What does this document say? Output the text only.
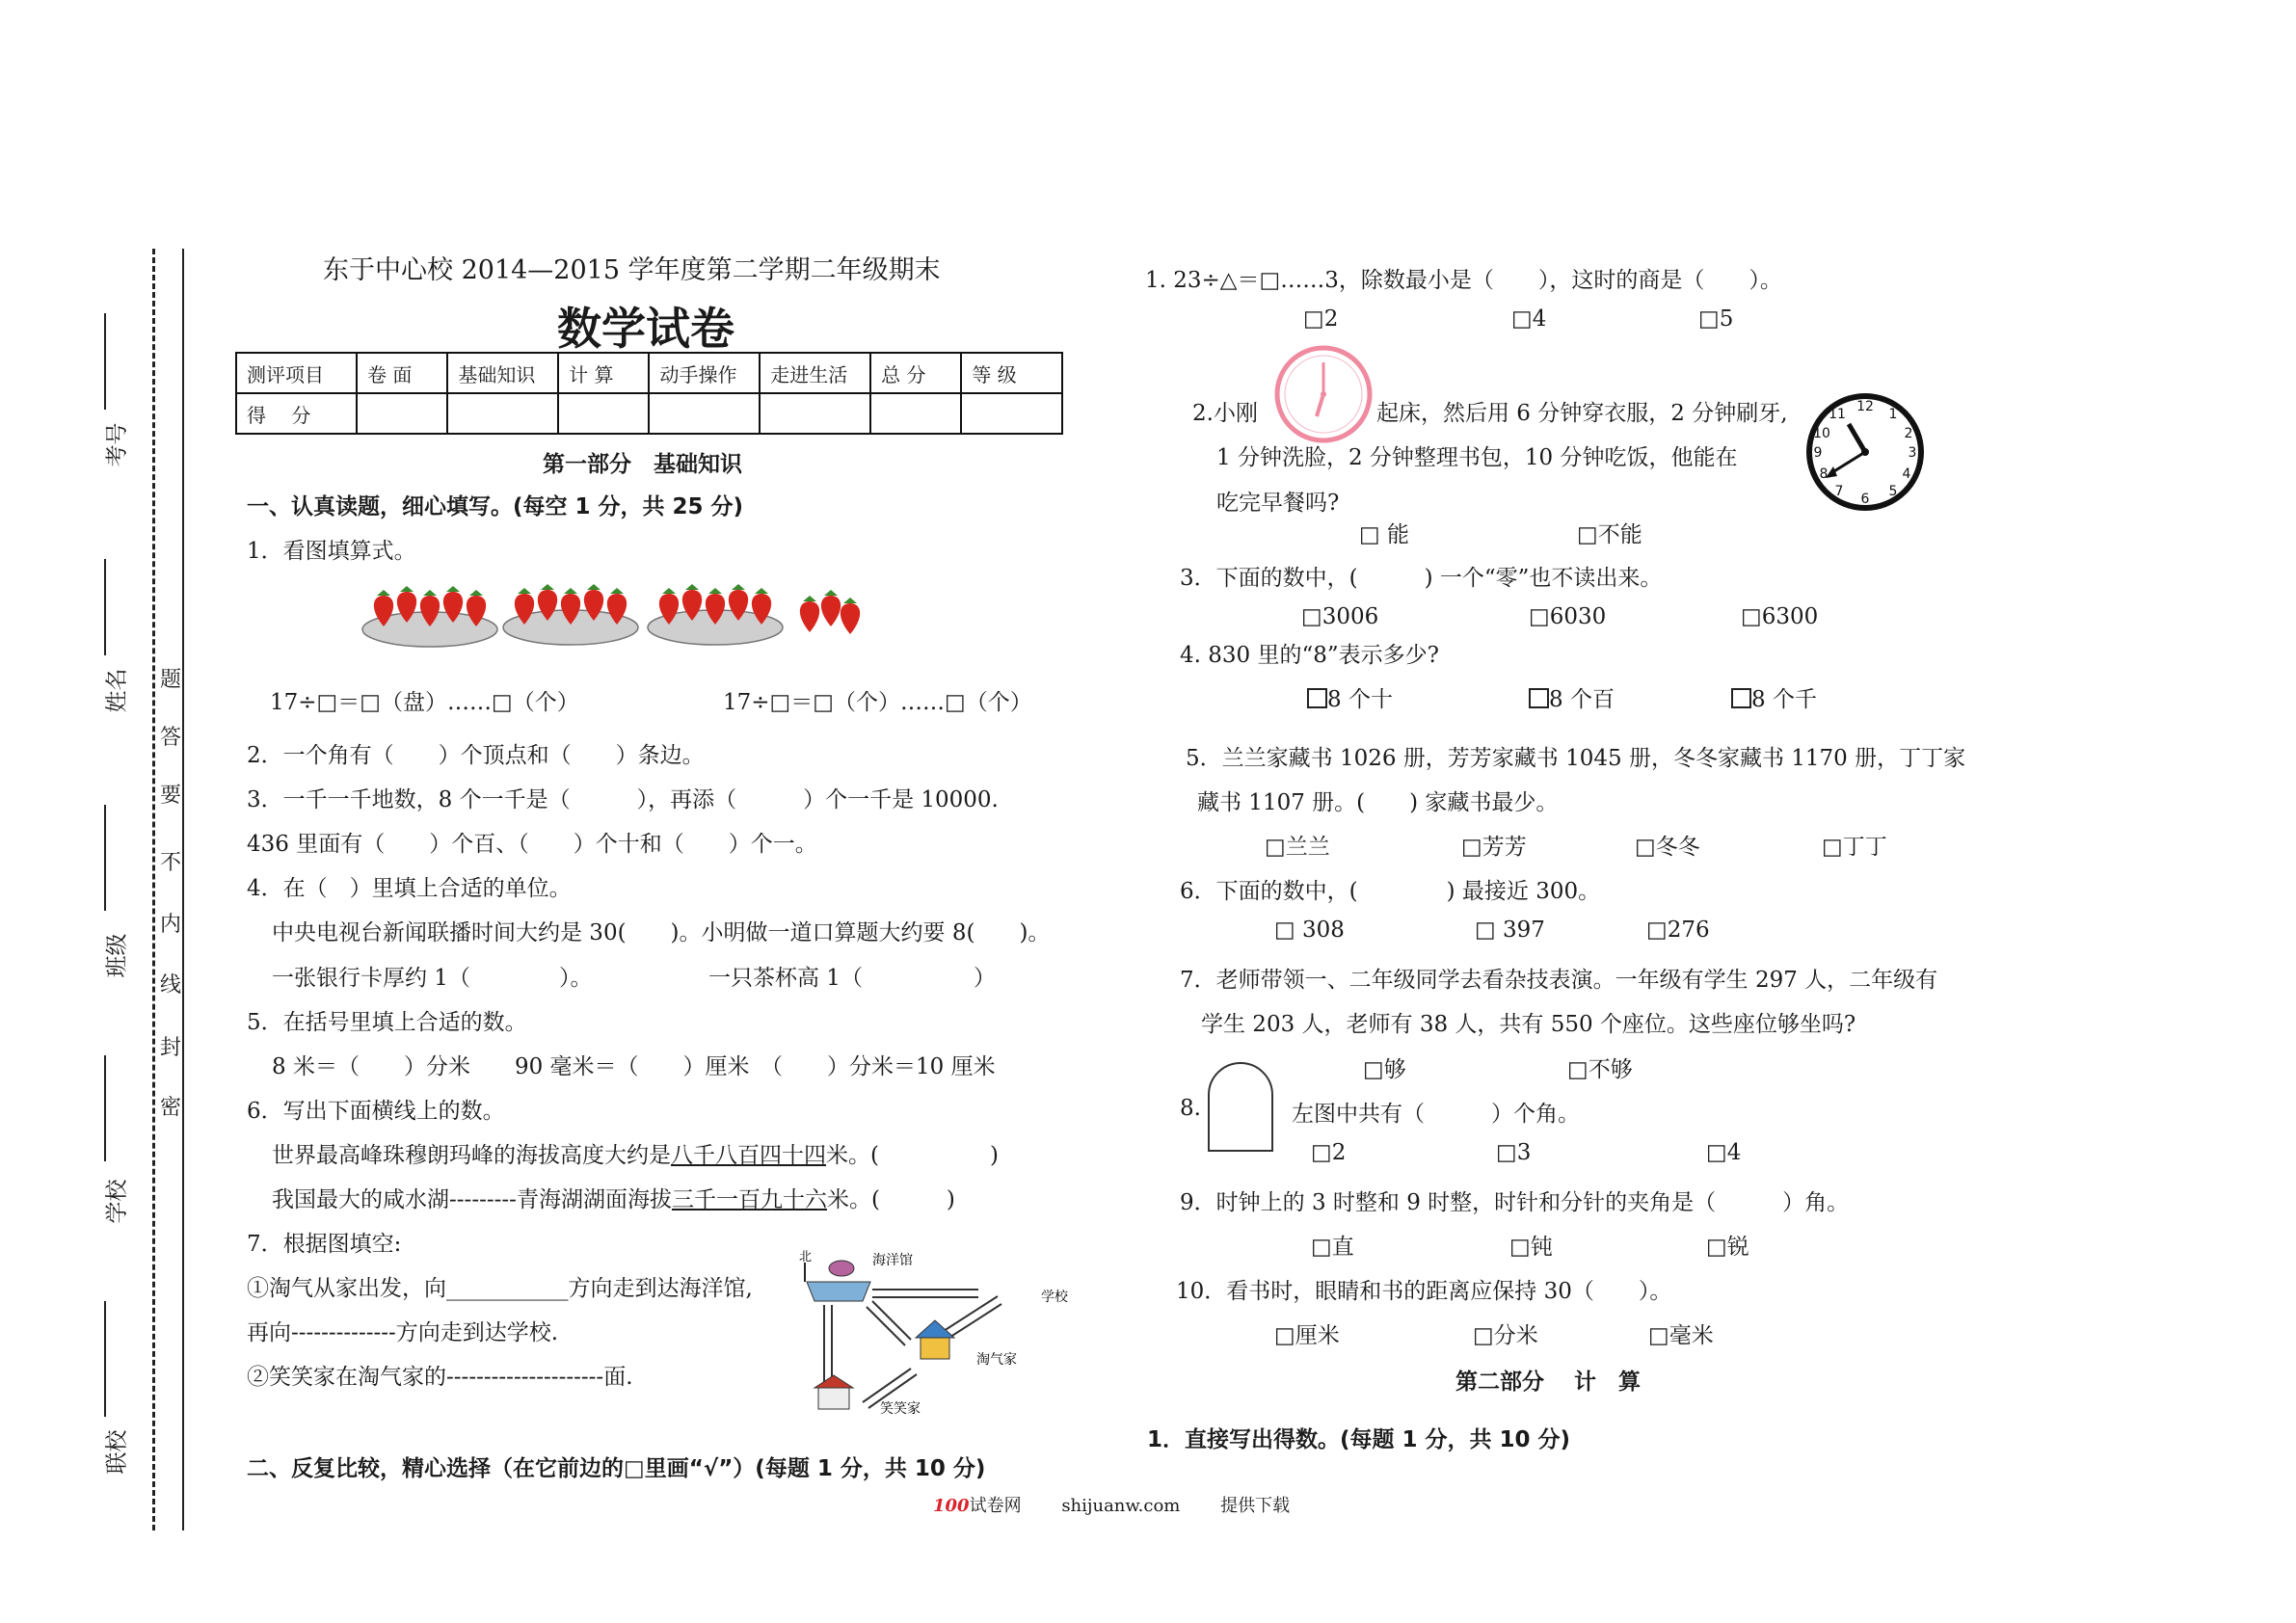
考号
姓名
班级
学校
联校
题
答
要
不
内
线
封
密
东于中心校 2014—2015 学年度第二学期二年级期末
数学试卷
测评项目	卷 面	基础知识	计 算	动手操作	走进生活	总 分	等 级
得　 分							
第一部分　基础知识
一、认真读题，细心填写。(每空 1 分，共 25 分)
1．看图填算式。
17÷□＝□（盘）……□（个）	17÷□＝□（个）……□（个）
2．一个角有（　　）个顶点和（　　）条边。
3．一千一千地数，8 个一千是（　　　），再添（　　　）个一千是 10000.
436 里面有（　　）个百、（　　）个十和（　　）个一。
4．在（　）里填上合适的单位。
中央电视台新闻联播时间大约是 30(　　)。小明做一道口算题大约要 8(　　)。
一张银行卡厚约 1（　　　　）。	一只茶杯高 1（　　　　　）
5．在括号里填上合适的数。
8 米＝（　　）分米　　90 毫米＝（　　）厘米　（　　）分米＝10 厘米
6．写出下面横线上的数。
世界最高峰珠穆朗玛峰的海拔高度大约是八千八百四十四米。(　　　　　)
我国最大的咸水湖---------青海湖湖面海拔三千一百九十六米。(　　　)
7．根据图填空:
①淘气从家出发，向___________方向走到达海洋馆,
再向--------------方向走到达学校.
②笑笑家在淘气家的---------------------面.
北	海洋馆
学校
淘气家
笑笑家
二、反复比较，精心选择（在它前边的□里画“√”）(每题 1 分，共 10 分)
1. 23÷△＝□……3，除数最小是（　　），这时的商是（　　）。
□2	□4	□5
2.小刚	起床，然后用 6 分钟穿衣服，2 分钟刷牙,
1 分钟洗脸，2 分钟整理书包，10 分钟吃饭，他能在
吃完早餐吗?
12 1
2
3
4
5
6
7
8
9
10
11
□ 能	□不能
3．下面的数中，(　　　) 一个“零”也不读出来。
□3006	□6030	□6300
4. 830 里的“8”表示多少?
8 个十	8 个百	8 个千
5．兰兰家藏书 1026 册，芳芳家藏书 1045 册，冬冬家藏书 1170 册，丁丁家
藏书 1107 册。(　　) 家藏书最少。
□兰兰	□芳芳	□冬冬	□丁丁
6．下面的数中，(　　　　) 最接近 300。
□ 308	□ 397	□276
7．老师带领一、二年级同学去看杂技表演。一年级有学生 297 人，二年级有
学生 203 人，老师有 38 人，共有 550 个座位。这些座位够坐吗?
□够	□不够
8.	左图中共有（　　　）个角。
□2	□3	□4
9．时钟上的 3 时整和 9 时整，时针和分针的夹角是（　　　）角。
□直	□钝	□锐
10．看书时，眼睛和书的距离应保持 30（　　）。
□厘米	□分米	□毫米
第二部分　 计　算
1．直接写出得数。(每题 1 分，共 10 分)
100试卷网 shijuanw.com 提供下载
